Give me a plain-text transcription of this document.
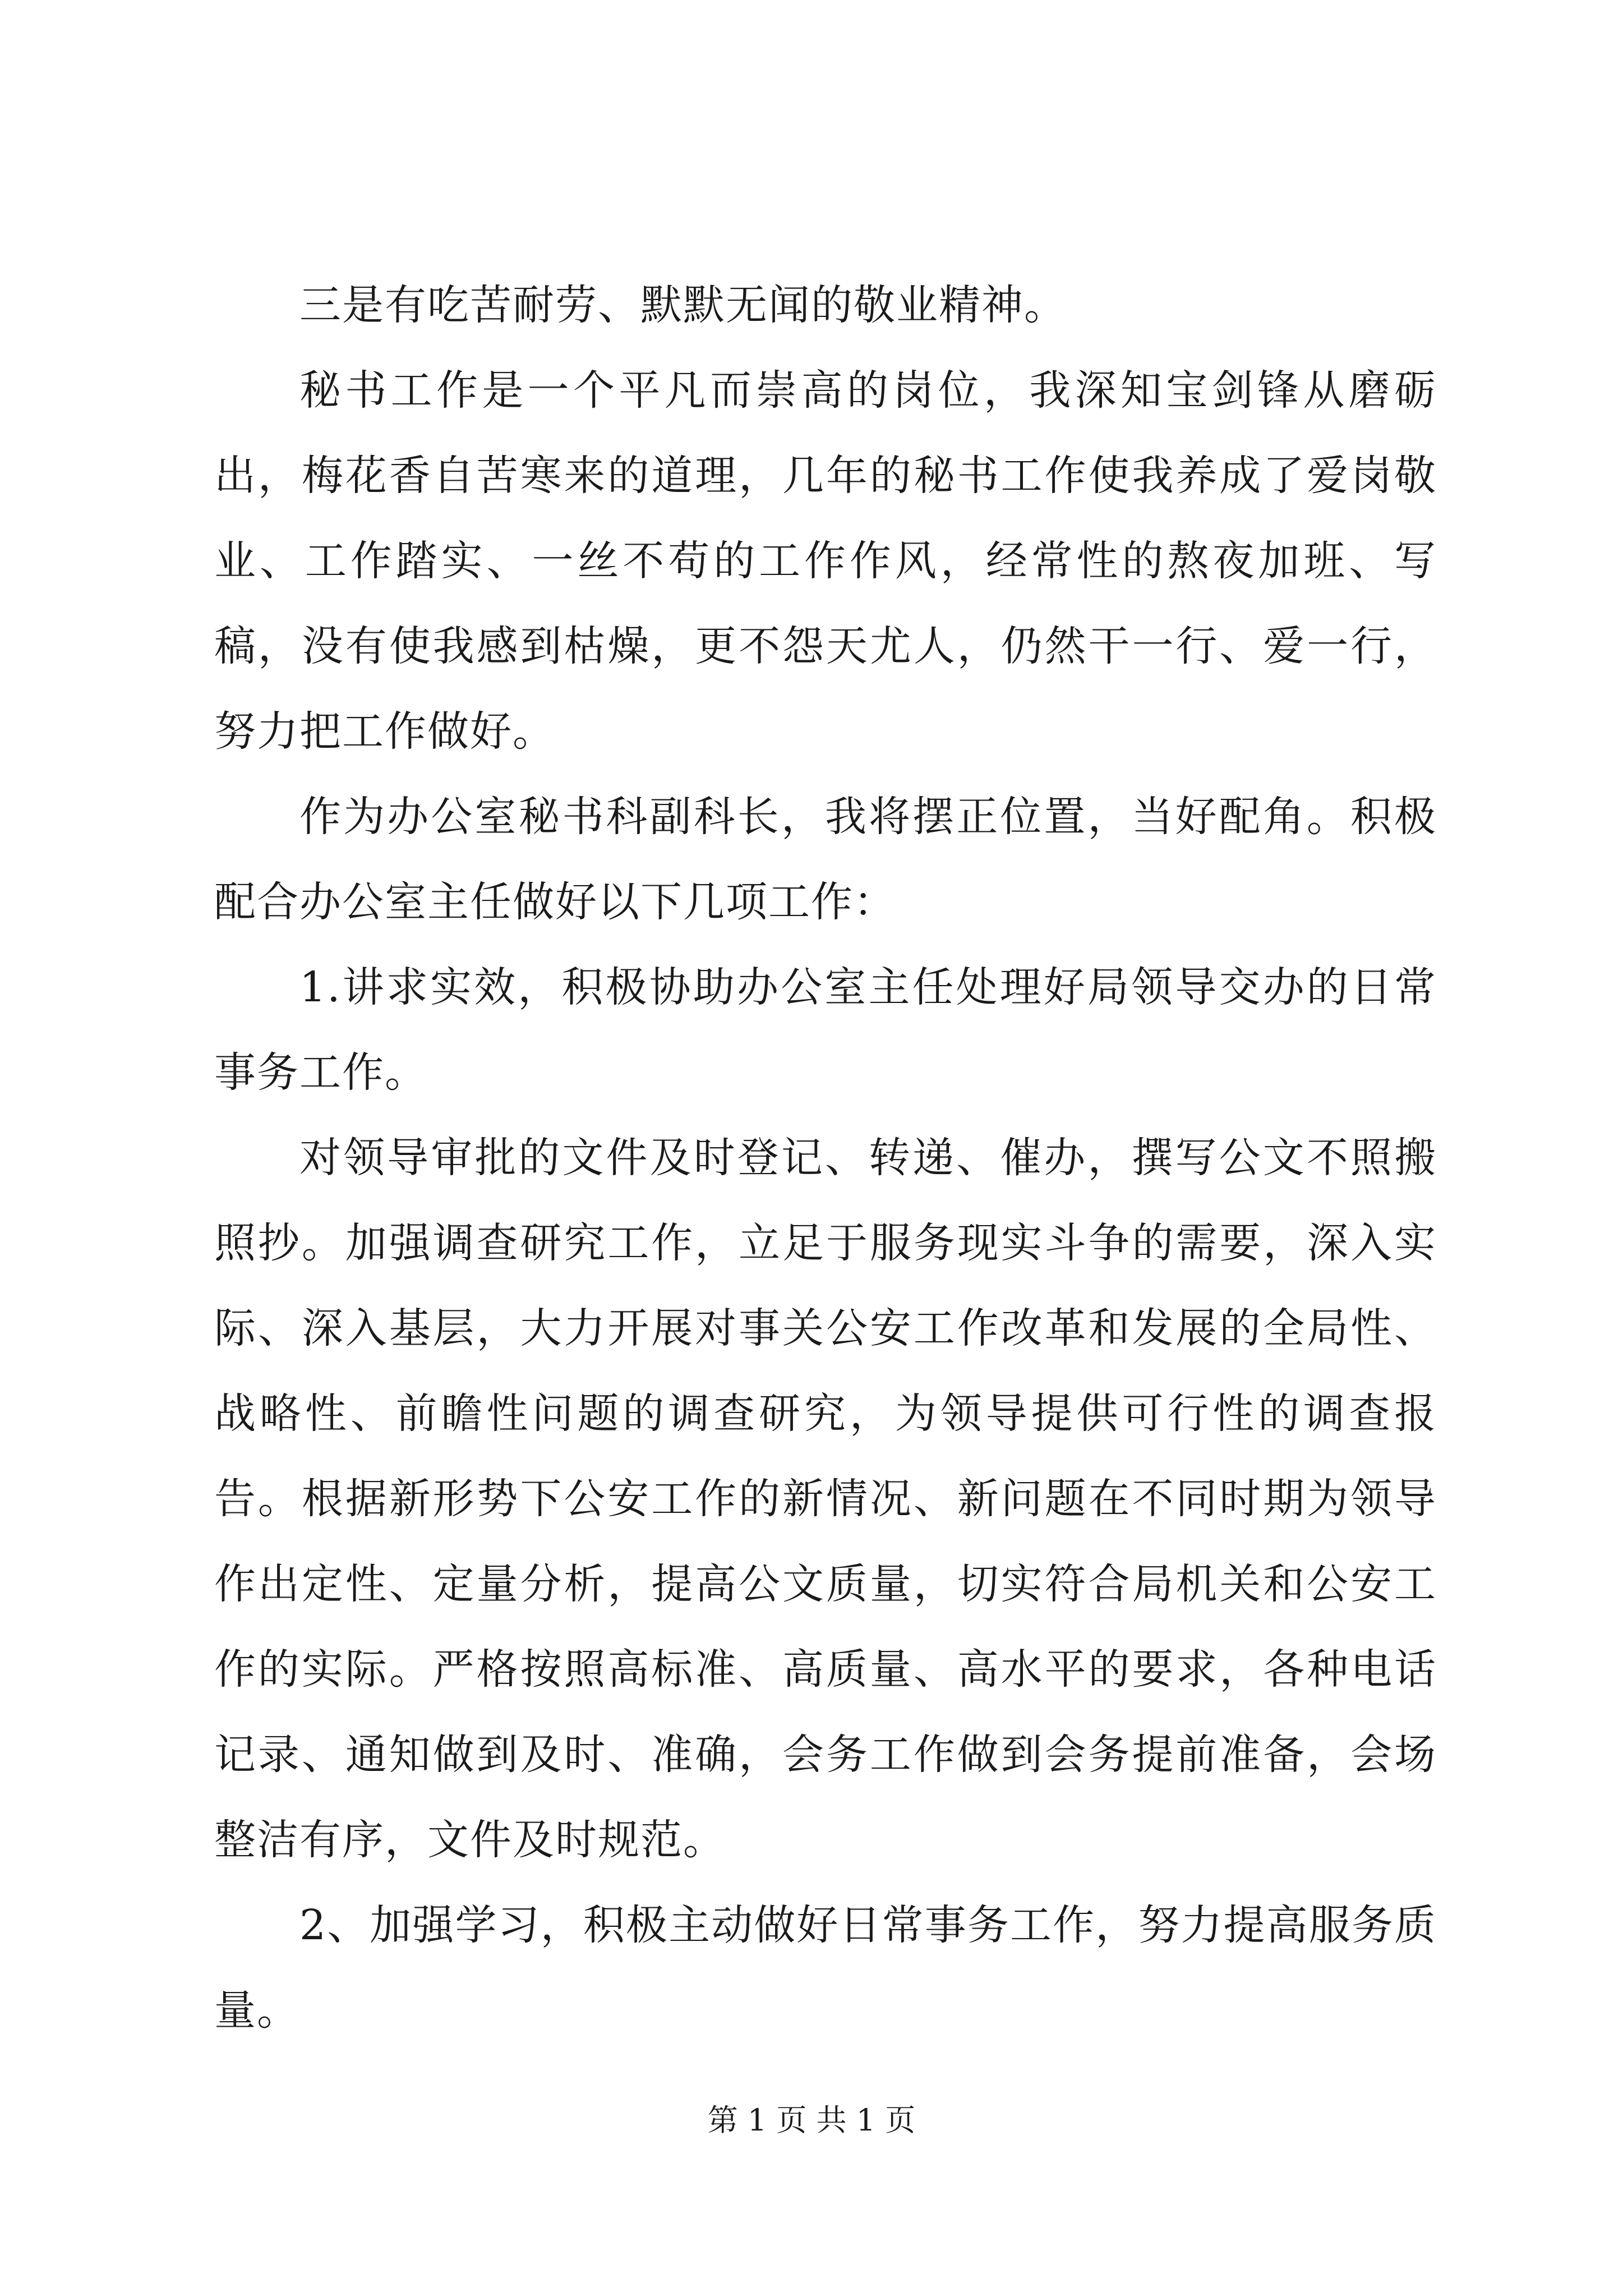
三是有吃苦耐劳、默默无闻的敬业精神。

秘书工作是一个平凡而崇高的岗位，我深知宝剑锋从磨砺出，梅花香自苦寒来的道理，几年的秘书工作使我养成了爱岗敬业、工作踏实、一丝不苟的工作作风，经常性的熬夜加班、写稿，没有使我感到枯燥，更不怨天尤人，仍然干一行、爱一行，努力把工作做好。

作为办公室秘书科副科长，我将摆正位置，当好配角。积极配合办公室主任做好以下几项工作：

1.讲求实效，积极协助办公室主任处理好局领导交办的日常事务工作。

对领导审批的文件及时登记、转递、催办，撰写公文不照搬照抄。加强调查研究工作，立足于服务现实斗争的需要，深入实际、深入基层，大力开展对事关公安工作改革和发展的全局性、战略性、前瞻性问题的调查研究，为领导提供可行性的调查报告。根据新形势下公安工作的新情况、新问题在不同时期为领导作出定性、定量分析，提高公文质量，切实符合局机关和公安工作的实际。严格按照高标准、高质量、高水平的要求，各种电话记录、通知做到及时、准确，会务工作做到会务提前准备，会场整洁有序，文件及时规范。

2、加强学习，积极主动做好日常事务工作，努力提高服务质量。

第 1 页 共 1 页
